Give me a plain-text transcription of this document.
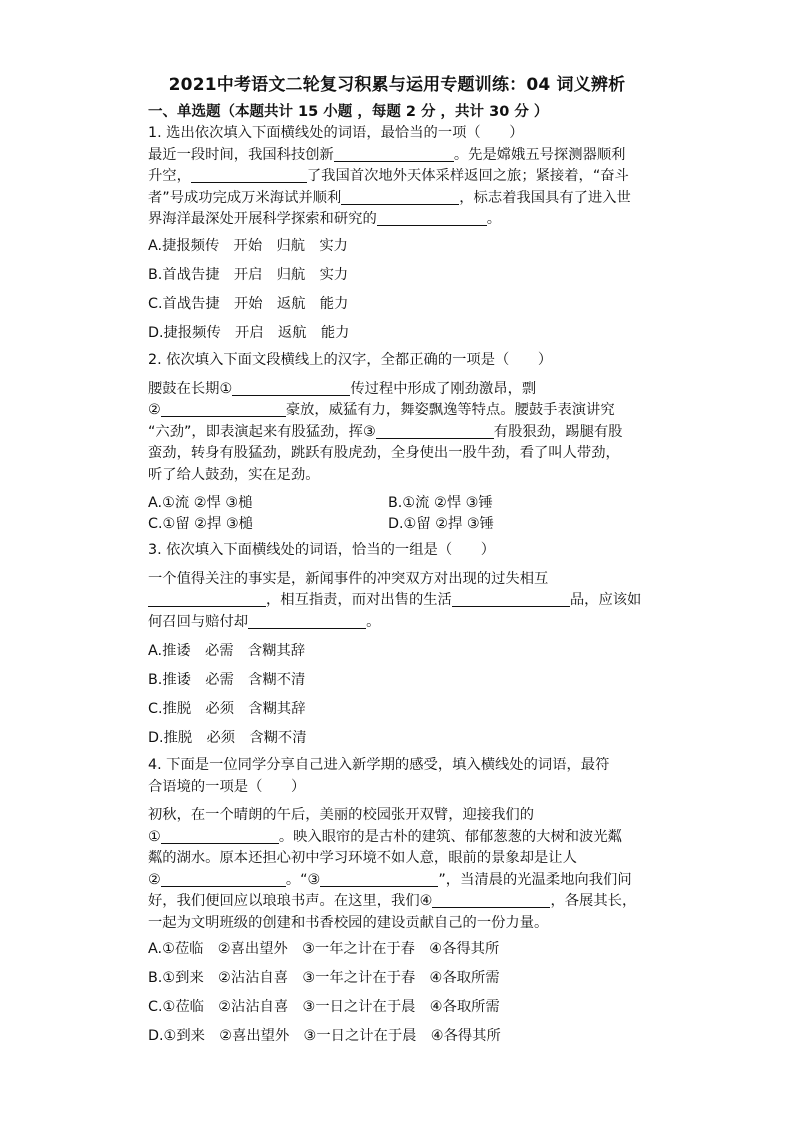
2021中考语文二轮复习积累与运用专题训练：04 词义辨析
一、单选题（本题共计 15 小题 ，每题 2 分 ，共计 30 分 ）
1. 选出依次填入下面横线处的词语，最恰当的一项（　　）
最近一段时间，我国科技创新	。先是嫦娥五号探测器顺利
升空，	了我国首次地外天体采样返回之旅；紧接着，“奋斗
者”号成功完成万米海试并顺利	，标志着我国具有了进入世
界海洋最深处开展科学探索和研究的	。
A.捷报频传　开始　归航　实力
B.首战告捷　开启　归航　实力
C.首战告捷　开始　返航　能力
D.捷报频传　开启　返航　能力
2. 依次填入下面文段横线上的汉字，全都正确的一项是（　　）
腰鼓在长期①	传过程中形成了刚劲激昂，剽
②	豪放，威猛有力，舞姿飘逸等特点。腰鼓手表演讲究
“六劲”，即表演起来有股猛劲，挥③	有股狠劲，踢腿有股
蛮劲，转身有股猛劲，跳跃有股虎劲，全身使出一股牛劲，看了叫人带劲，
听了给人鼓劲，实在足劲。
A.①流 ②悍 ③槌	B.①流 ②悍 ③锤
C.①留 ②捍 ③槌	D.①留 ②捍 ③锤
3. 依次填入下面横线处的词语，恰当的一组是（　　）
一个值得关注的事实是，新闻事件的冲突双方对出现的过失相互
，相互指责，而对出售的生活	品，应该如
何召回与赔付却	。
A.推诿　必需　含糊其辞
B.推诿　必需　含糊不清
C.推脱　必须　含糊其辞
D.推脱　必须　含糊不清
4. 下面是一位同学分享自己进入新学期的感受，填入横线处的词语，最符
合语境的一项是（　　）
初秋，在一个晴朗的午后，美丽的校园张开双臂，迎接我们的
①	。映入眼帘的是古朴的建筑、郁郁葱葱的大树和波光粼
粼的湖水。原本还担心初中学习环境不如人意，眼前的景象却是让人
②	。“③	”，当清晨的光温柔地向我们问
好，我们便回应以琅琅书声。在这里，我们④	，各展其长，
一起为文明班级的创建和书香校园的建设贡献自己的一份力量。
A.①莅临　②喜出望外　③一年之计在于春　④各得其所
B.①到来　②沾沾自喜　③一年之计在于春　④各取所需
C.①莅临　②沾沾自喜　③一日之计在于晨　④各取所需
D.①到来　②喜出望外　③一日之计在于晨　④各得其所
